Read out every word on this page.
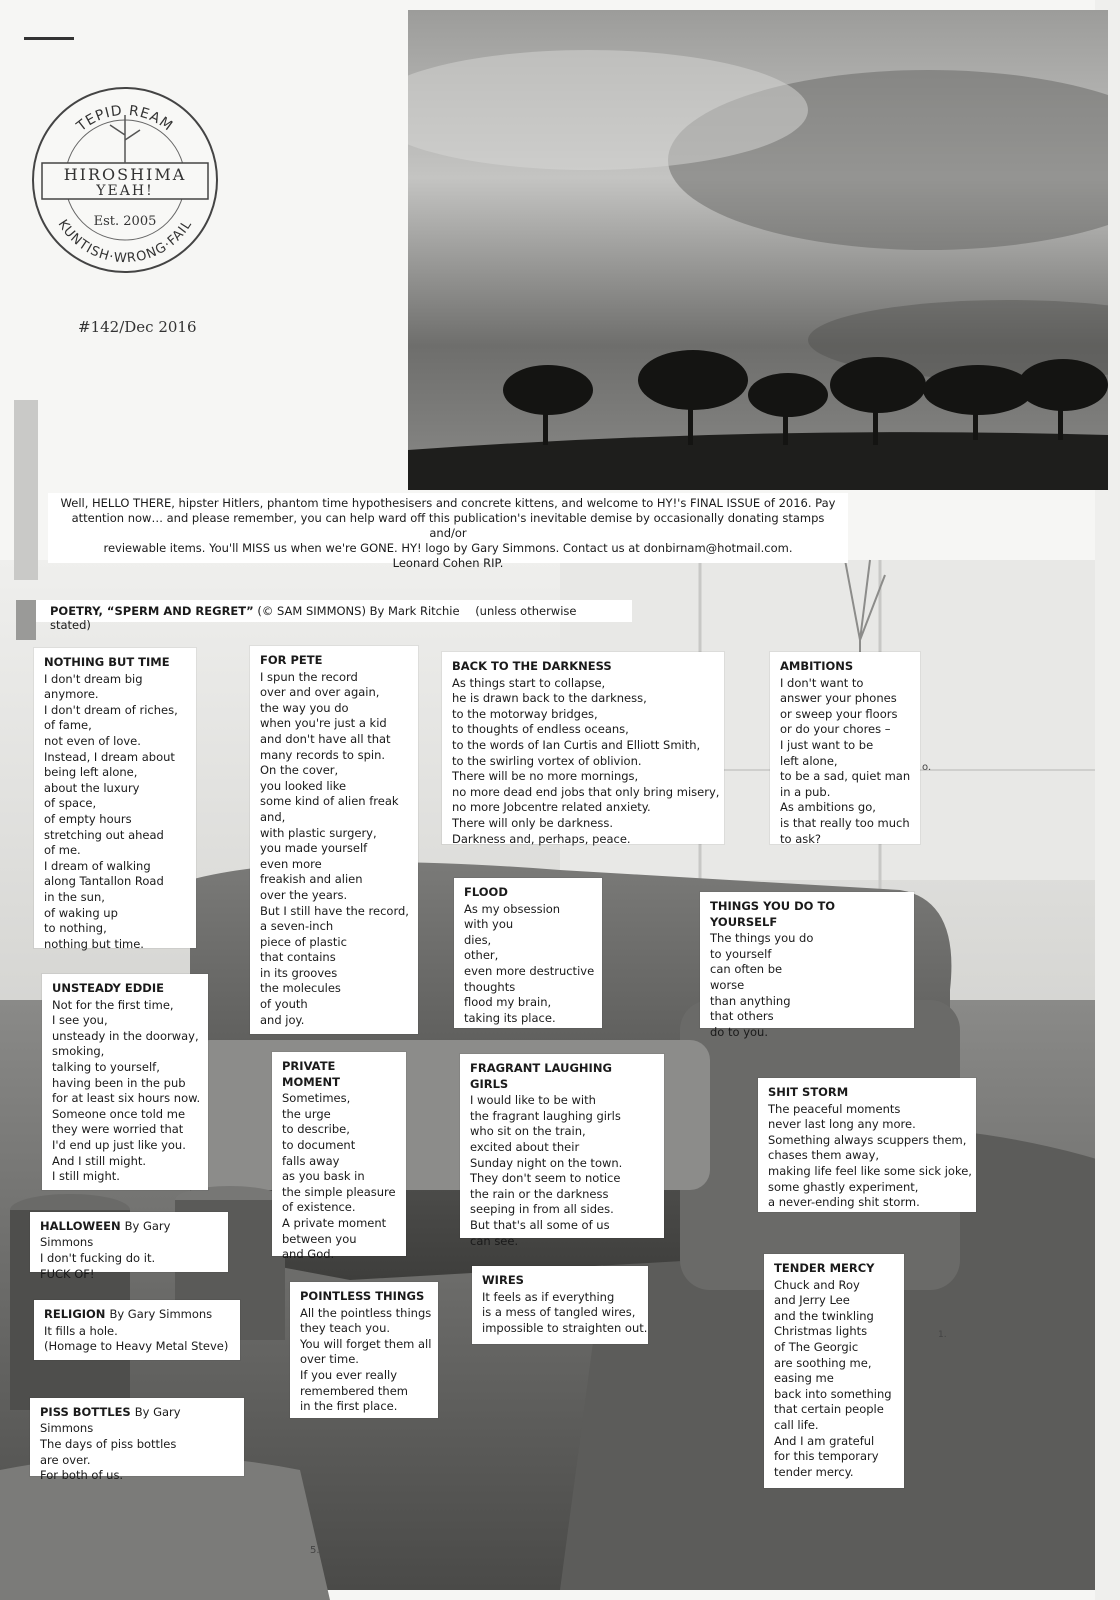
TEPID REAM
KUNTISH·WRONG·FAIL
HIROSHIMA
YEAH!
Est. 2005
#142/Dec 2016

Well, HELLO THERE, hipster Hitlers, phantom time hypothesisers and concrete kittens, and welcome to HY!'s FINAL ISSUE of 2016. Pay

attention now… and please remember, you can help ward off this publication's inevitable demise by occasionally donating stamps and/or

reviewable items. You'll MISS us when we're GONE. HY! logo by Gary Simmons. Contact us at donbirnam@hotmail.com.

Leonard Cohen RIP.

POETRY, “SPERM AND REGRET” (© SAM SIMMONS) By Mark Ritchie (unless otherwise stated)
NOTHING BUT TIME
I don't dream big
anymore.
I don't dream of riches,
of fame,
not even of love.
Instead, I dream about
being left alone,
about the luxury
of space,
of empty hours
stretching out ahead
of me.
I dream of walking
along Tantallon Road
in the sun,
of waking up
to nothing,
nothing but time.
FOR PETE
I spun the record
over and over again,
the way you do
when you're just a kid
and don't have all that
many records to spin.
On the cover,
you looked like
some kind of alien freak
and,
with plastic surgery,
you made yourself
even more
freakish and alien
over the years.
But I still have the record,
a seven-inch
piece of plastic
that contains
in its grooves
the molecules
of youth
and joy.
BACK TO THE DARKNESS
As things start to collapse,
he is drawn back to the darkness,
to the motorway bridges,
to thoughts of endless oceans,
to the words of Ian Curtis and Elliott Smith,
to the swirling vortex of oblivion.
There will be no more mornings,
no more dead end jobs that only bring misery,
no more Jobcentre related anxiety.
There will only be darkness.
Darkness and, perhaps, peace.
AMBITIONS
I don't want to
answer your phones
or sweep your floors
or do your chores –
I just want to be
left alone,
to be a sad, quiet man
in a pub.
As ambitions go,
is that really too much
to ask?
FLOOD
As my obsession
with you
dies,
other,
even more destructive
thoughts
flood my brain,
taking its place.
THINGS YOU DO TO YOURSELF
The things you do
to yourself
can often be
worse
than anything
that others
do to you.
UNSTEADY EDDIE
Not for the first time,
I see you,
unsteady in the doorway,
smoking,
talking to yourself,
having been in the pub
for at least six hours now.
Someone once told me
they were worried that
I'd end up just like you.
And I still might.
I still might.
PRIVATE MOMENT
Sometimes,
the urge
to describe,
to document
falls away
as you bask in
the simple pleasure
of existence.
A private moment
between you
and God.
FRAGRANT LAUGHING GIRLS
I would like to be with
the fragrant laughing girls
who sit on the train,
excited about their
Sunday night on the town.
They don't seem to notice
the rain or the darkness
seeping in from all sides.
But that's all some of us
can see.
SHIT STORM
The peaceful moments
never last long any more.
Something always scuppers them,
chases them away,
making life feel like some sick joke,
some ghastly experiment,
a never-ending shit storm.
HALLOWEEN By Gary Simmons
I don't fucking do it.
FUCK OF!
RELIGION By Gary Simmons
It fills a hole.
(Homage to Heavy Metal Steve)
PISS BOTTLES By Gary Simmons
The days of piss bottles
are over.
For both of us.
POINTLESS THINGS
All the pointless things
they teach you.
You will forget them all
over time.
If you ever really
remembered them
in the first place.
WIRES
It feels as if everything
is a mess of tangled wires,
impossible to straighten out.
TENDER MERCY
Chuck and Roy
and Jerry Lee
and the twinkling
Christmas lights
of The Georgic
are soothing me,
easing me
back into something
that certain people
call life.
And I am grateful
for this temporary
tender mercy.
5.
o.
1.
